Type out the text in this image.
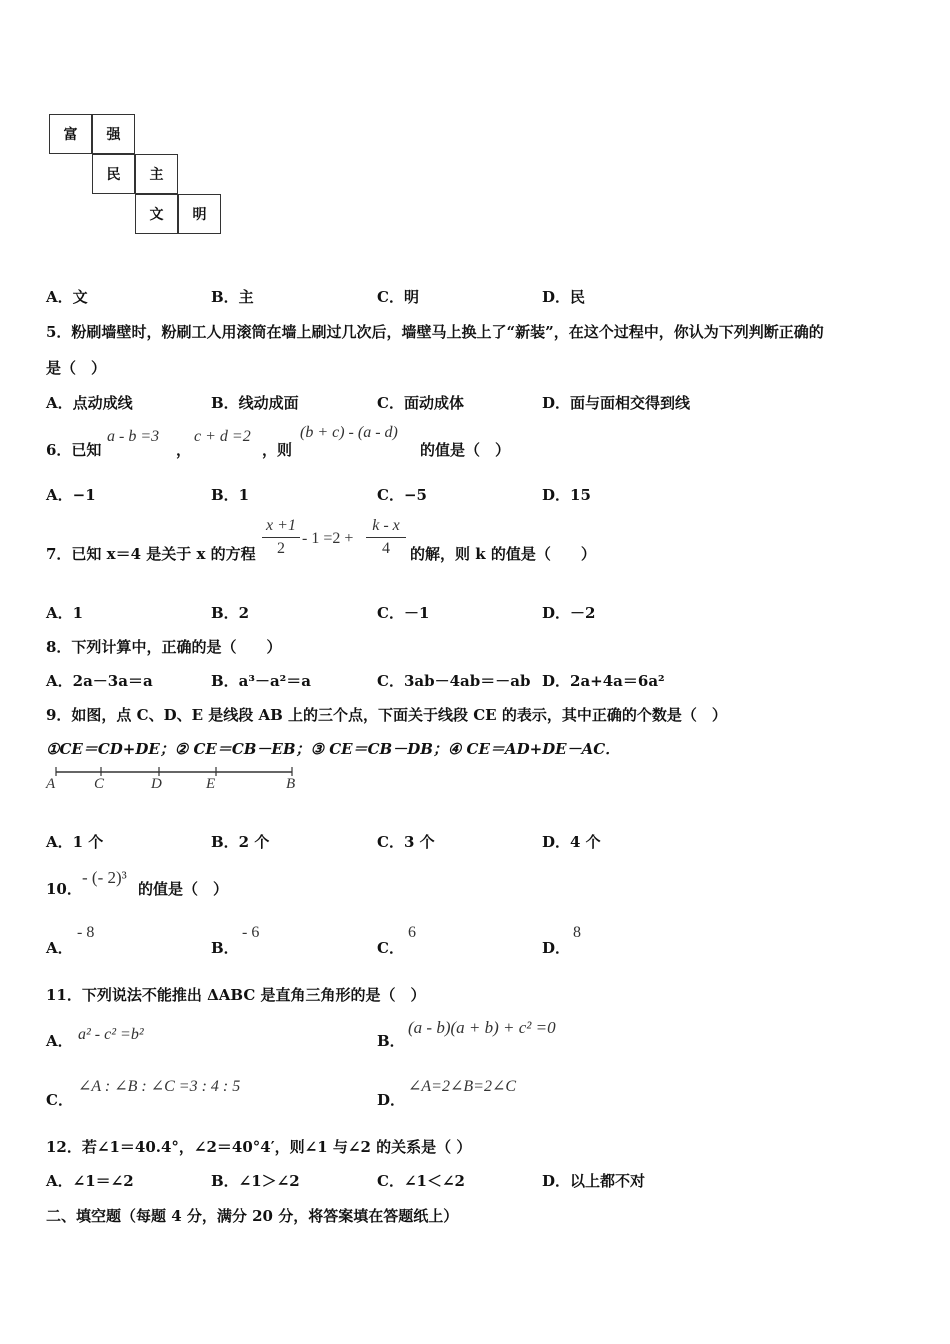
富	强
民	主
文	明
A．文	B．主	C．明	D．民
5．粉刷墙壁时，粉刷工人用滚筒在墙上刷过几次后，墙壁马上换上了“新装”，在这个过程中，你认为下列判断正确的
是（　）
A．点动成线	B．线动成面	C．面动成体	D．面与面相交得到线
6．已知
a - b =3
，
c + d =2
，则
(b + c) - (a - d)
的值是（　）
A．−1	B．1	C．−5	D．15
7．已知 x＝4 是关于 x 的方程
x +1
2
- 1 =2 +
k - x
4	的解，则 k 的值是（　　）
A．1	B．2	C．－1	D．－2
8．下列计算中，正确的是（　　）
A．2a－3a＝a	B．a³－a²＝a	C．3ab－4ab＝－ab D．2a+4a＝6a²
9．如图，点 C、D、E 是线段 AB 上的三个点，下面关于线段 CE 的表示，其中正确的个数是（　）
①CE＝CD+DE；② CE＝CB－EB；③ CE＝CB－DB；④ CE＝AD+DE－AC．
A	C	D	E	B
A．1 个	B．2 个	C．3 个	D．4 个
10．
- (- 2)³
的值是（　）
A．
- 8
B．
- 6
C．
6
D．
8
11．下列说法不能推出 ΔABC 是直角三角形的是（　）
A． a² - c² =b²	B．
(a - b)(a + b) + c² =0
C．
∠A : ∠B : ∠C =3 : 4 : 5
D．
∠A=2∠B=2∠C
12．若∠1＝40.4°，∠2＝40°4′，则∠1 与∠2 的关系是（ ）
A．∠1＝∠2	B．∠1＞∠2	C．∠1＜∠2	D．以上都不对
二、填空题（每题 4 分，满分 20 分，将答案填在答题纸上）
